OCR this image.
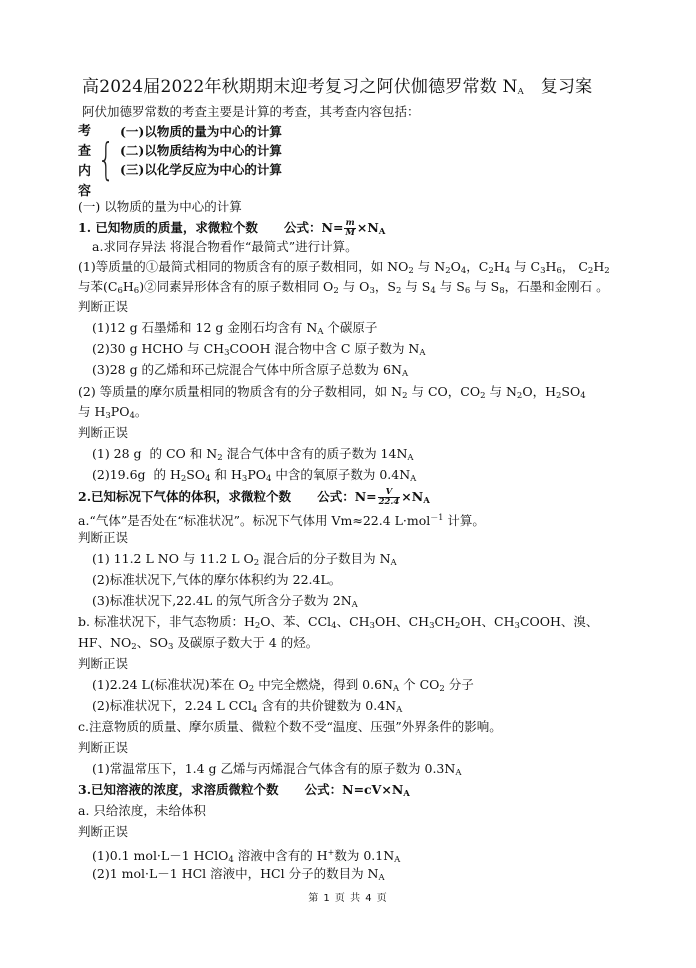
高2024届2022年秋期期末迎考复习之阿伏伽德罗常数 $N_A$   复习案
阿伏加德罗常数的考查主要是计算的考查，其考查内容包括：
考
查
内
容
{
(一)以物质的量为中心的计算
(二)以物质结构为中心的计算
(三)以化学反应为中心的计算
(一) 以物质的量为中心的计算
1. 已知物质的质量，求微粒个数 公式：$N= \frac{m}{M} \times N_A$
a.求同存异法 将混合物看作“最简式”进行计算。
(1)等质量的①最简式相同的物质含有的原子数相同，如 $NO_2$ 与 $N_2O_4$，$C_2H_4$ 与 $C_3H_6$， $C_2H_2$
与苯$(C_6H_6)②$同素异形体含有的原子数相同 $O_2$ 与 $O_3$，$S_2$ 与 $S_4$ 与 $S_6$ 与 $S_8$，石墨和金刚石 。
判断正误
(1)12 g 石墨烯和 12 g 金刚石均含有 $N_A$ 个碳原子
(2)30 g HCHO 与 $CH_3COOH$ 混合物中含 C 原子数为 $N_A$
(3)28 g 的乙烯和环己烷混合气体中所含原子总数为 $6N_A$
(2) 等质量的摩尔质量相同的物质含有的分子数相同，如 $N_2$ 与 CO，$CO_2$ 与 $N_2O$，$H_2SO_4$
与 $H_3PO_4$。
判断正误
(1) 28 g  的 CO 和 $N_2$ 混合气体中含有的质子数为 $14N_A$
(2)19.6g  的 $H_2SO_4$ 和 $H_3PO_4$ 中含的氧原子数为 $0.4N_A$
2.已知标况下气体的体积，求微粒个数 公式：$N= \frac{V}{22.4} \times N_A$
a.“气体”是否处在“标准状况”。标况下气体用 Vm≈22.4 L·mol$^{-1}$ 计算。
判断正误
(1) 11.2 L NO 与 11.2 L $O_2$ 混合后的分子数目为 $N_A$
(2)标准状况下,气体的摩尔体积约为 22.4L。
(3)标准状况下,22.4L 的氖气所含分子数为 $2N_A$
b. 标准状况下，非气态物质：$H_2O$、苯、CCl$_4$、$CH_3OH$、$CH_3CH_2OH$、$CH_3COOH$、溴、
HF、$NO_2$、$SO_3$ 及碳原子数大于 4 的烃。
判断正误
(1)2.24 L(标准状况)苯在 $O_2$ 中完全燃烧，得到 $0.6N_A$ 个 $CO_2$ 分子
(2)标准状况下，2.24 L CCl$_4$ 含有的共价键数为 $0.4N_A$
c.注意物质的质量、摩尔质量、微粒个数不受“温度、压强”外界条件的影响。
判断正误
(1)常温常压下，1.4 g 乙烯与丙烯混合气体含有的原子数为 $0.3N_A$
3.已知溶液的浓度，求溶质微粒个数      公式：$N=cV\times N_A$
a. 只给浓度，未给体积
判断正误
(1)0.1 mol·L－1 HClO$_4$ 溶液中含有的 H+数为 $0.1N_A$
(2)1 mol·L－1 HCl 溶液中，HCl 分子的数目为 $N_A$
第 1 页 共 4 页
